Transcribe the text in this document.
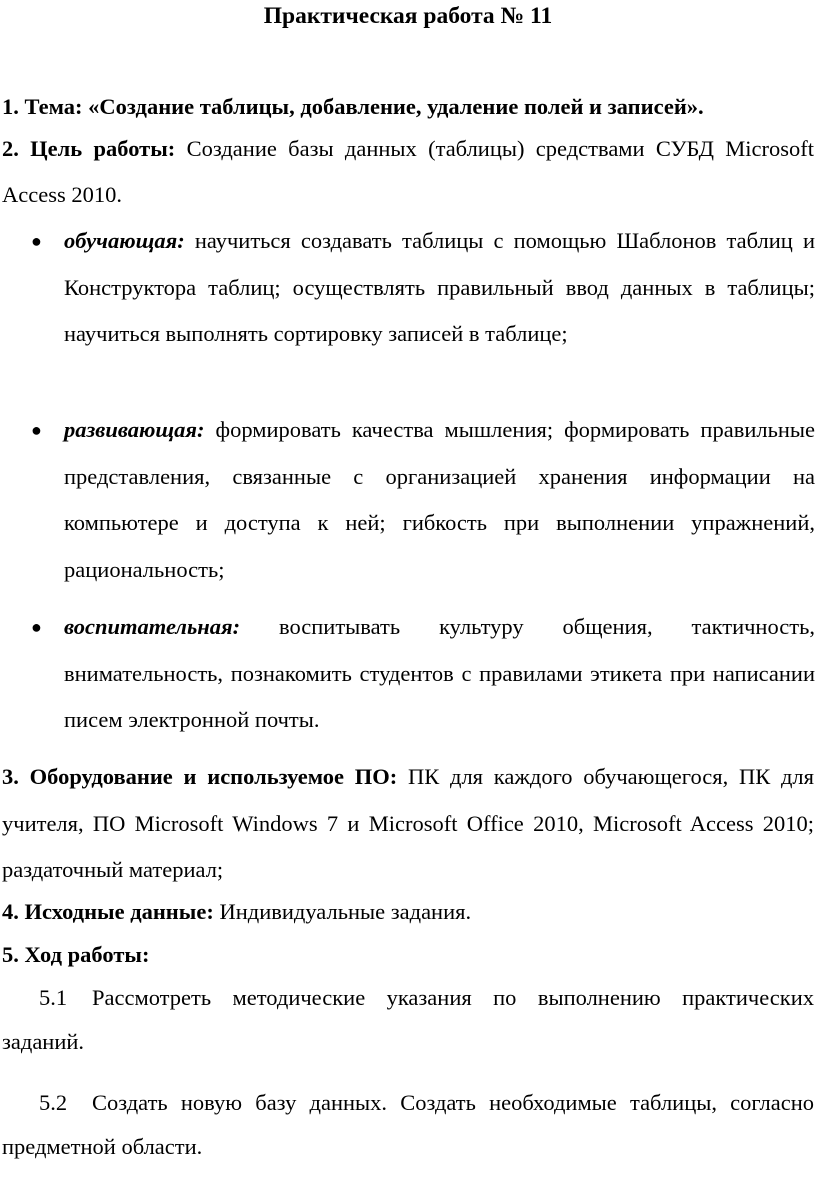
Практическая работа № 11
1. Тема: «Создание таблицы, добавление, удаление полей и записей».
2. Цель работы: Создание базы данных (таблицы) средствами СУБД Microsoft Access 2010.
● обучающая: научиться создавать таблицы с помощью Шаблонов таблиц и Конструктора таблиц; осуществлять правильный ввод данных в таблицы; научиться выполнять сортировку записей в таблице;
● развивающая: формировать качества мышления; формировать правильные представления, связанные с организацией хранения информации на компьютере и доступа к ней; гибкость при выполнении упражнений, рациональность;
● воспитательная: воспитывать культуру общения, тактичность, внимательность, познакомить студентов с правилами этикета при написании писем электронной почты.
3. Оборудование и используемое ПО: ПК для каждого обучающегося, ПК для учителя, ПО Microsoft Windows 7 и Microsoft Office 2010, Microsoft Access 2010; раздаточный материал;
4. Исходные данные: Индивидуальные задания.
5. Ход работы:
5.1 Рассмотреть методические указания по выполнению практических заданий.
5.2 Создать новую базу данных. Создать необходимые таблицы, согласно предметной области.
